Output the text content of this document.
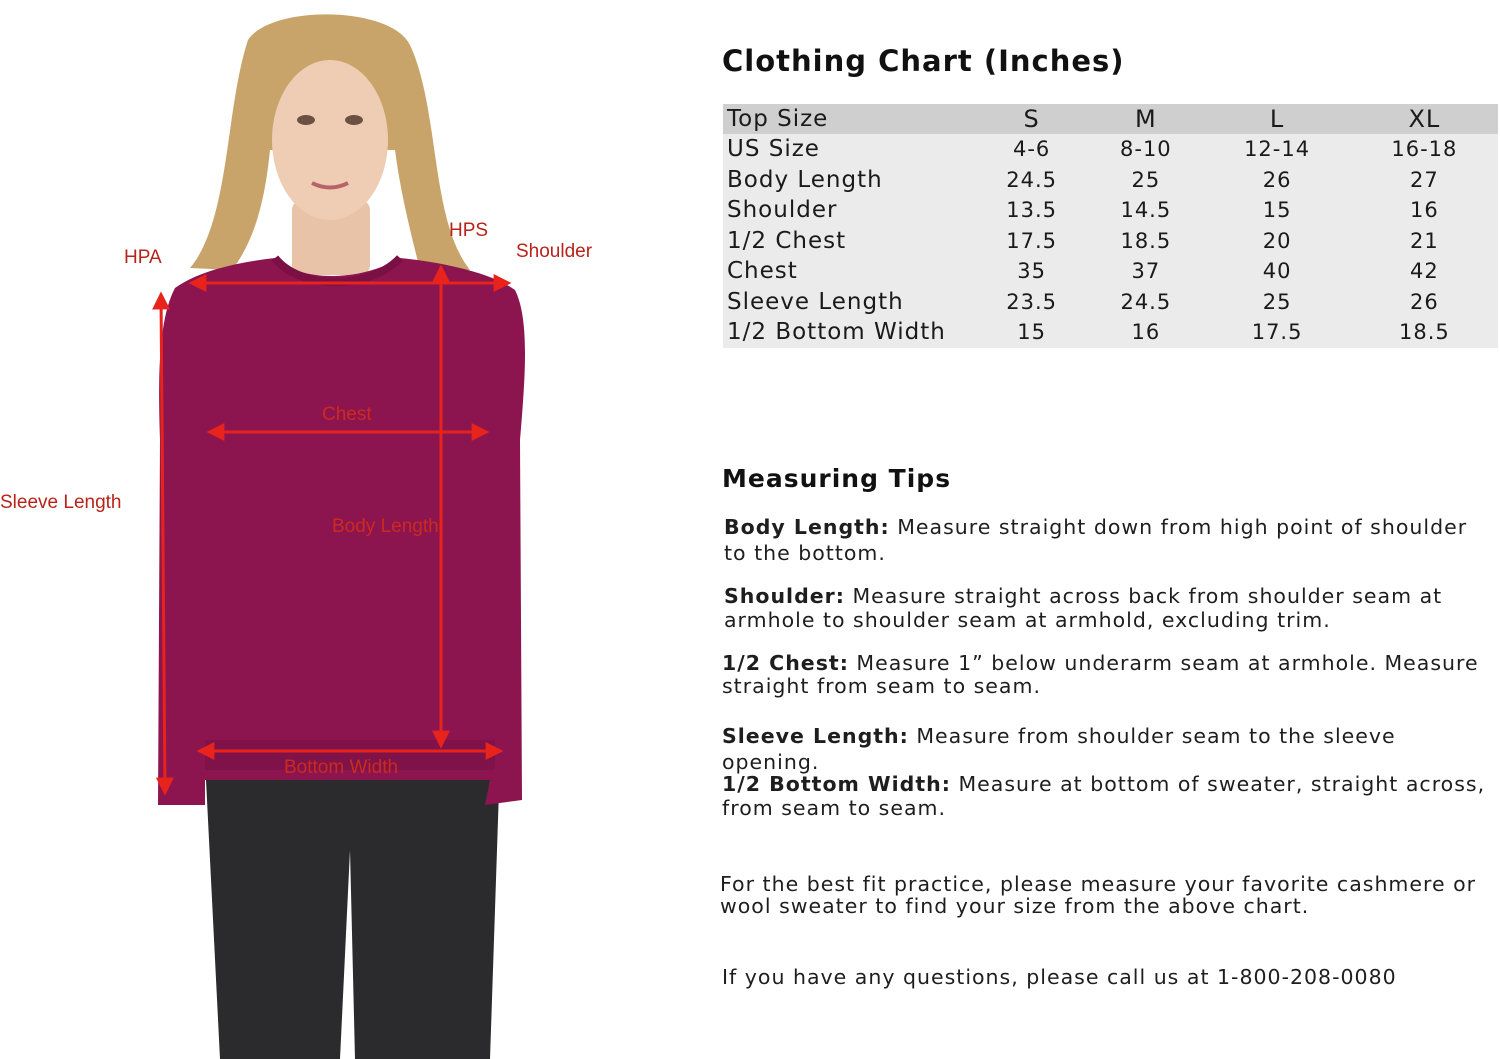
HPA
HPS
Shoulder
Chest
Sleeve Length
Body Length
Bottom Width
Clothing Chart (Inches)
Top Size	S	M	L	XL
US Size	4-6	8-10	12-14	16-18
Body Length	24.5	25	26	27
Shoulder	13.5	14.5	15	16
1/2 Chest	17.5	18.5	20	21
Chest	35	37	40	42
Sleeve Length	23.5	24.5	25	26
1/2 Bottom Width	15	16	17.5	18.5
Measuring Tips
Body Length: Measure straight down from high point of shoulder to the bottom.
Shoulder: Measure straight across back from shoulder seam at armhole to shoulder seam at armhold, excluding trim.
1/2 Chest: Measure 1” below underarm seam at armhole. Measure straight from seam to seam.
Sleeve Length: Measure from shoulder seam to the sleeve opening.
1/2 Bottom Width: Measure at bottom of sweater, straight across, from seam to seam.
For the best fit practice, please measure your favorite cashmere or wool sweater to find your size from the above chart.
If you have any questions, please call us at 1-800-208-0080
